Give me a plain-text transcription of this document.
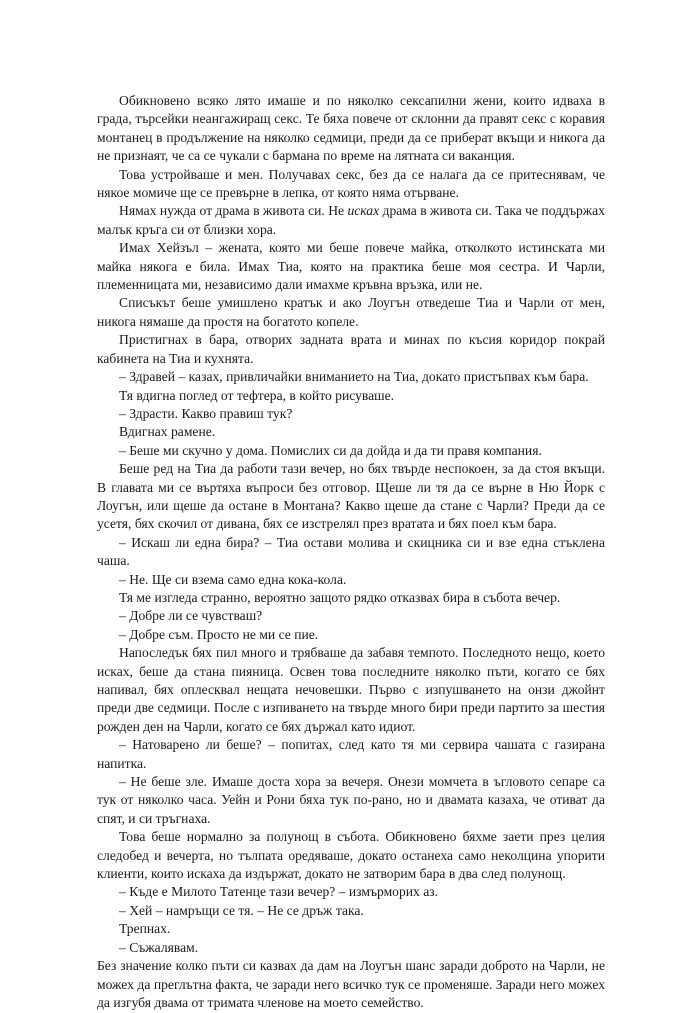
Обикновено всяко лято имаше и по няколко сексапилни жени, които идваха в града, търсейки неангажиращ секс. Те бяха повече от склонни да правят секс с коравия монтанец в продължение на няколко седмици, преди да се приберат вкъщи и никога да не признаят, че са се чукали с бармана по време на лятната си ваканция.

Това устройваше и мен. Получавах секс, без да се налага да се притеснявам, че някое момиче ще се превърне в лепка, от която няма отърване.

Нямах нужда от драма в живота си. Не исках драма в живота си. Така че поддържах малък кръга си от близки хора.

Имах Хейзъл – жената, която ми беше повече майка, отколкото истинската ми майка някога е била. Имах Тиа, която на практика беше моя сестра. И Чарли, племенницата ми, независимо дали имахме кръвна връзка, или не.

Списъкът беше умишлено кратък и ако Лоугън отведеше Тиа и Чарли от мен, никога нямаше да простя на богатото копеле.

Пристигнах в бара, отворих задната врата и минах по късия коридор покрай кабинета на Тиа и кухнята.

– Здравей – казах, привличайки вниманието на Тиа, докато пристъпвах към бара.

Тя вдигна поглед от тефтера, в който рисуваше.

– Здрасти. Какво правиш тук?

Вдигнах рамене.

– Беше ми скучно у дома. Помислих си да дойда и да ти правя компания.

Беше ред на Тиа да работи тази вечер, но бях твърде неспокоен, за да стоя вкъщи. В главата ми се въртяха въпроси без отговор. Щеше ли тя да се върне в Ню Йорк с Лоугън, или щеше да остане в Монтана? Какво щеше да стане с Чарли? Преди да се усетя, бях скочил от дивана, бях се изстрелял през вратата и бях поел към бара.

– Искаш ли една бира? – Тиа остави молива и скицника си и взе една стъклена чаша.

– Не. Ще си взема само една кока-кола.

Тя ме изгледа странно, вероятно защото рядко отказвах бира в събота вечер.

– Добре ли се чувстваш?

– Добре съм. Просто не ми се пие.

Напоследък бях пил много и трябваше да забавя темпото. Последното нещо, което исках, беше да стана пияница. Освен това последните няколко пъти, когато се бях напивал, бях оплесквал нещата нечовешки. Първо с изпушването на онзи джойнт преди две седмици. После с изпиването на твърде много бири преди партито за шестия рожден ден на Чарли, когато се бях държал като идиот.

– Натоварено ли беше? – попитах, след като тя ми сервира чашата с газирана напитка.

– Не беше зле. Имаше доста хора за вечеря. Онези момчета в ъгловото сепаре са тук от няколко часа. Уейн и Рони бяха тук по-рано, но и двамата казаха, че отиват да спят, и си тръгнаха.

Това беше нормално за полунощ в събота. Обикновено бяхме заети през целия следобед и вечерта, но тълпата оредяваше, докато останеха само неколцина упорити клиенти, които искаха да издържат, докато не затворим бара в два след полунощ.

– Къде е Милото Татенце тази вечер? – измърморих аз.

– Хей – намръщи се тя. – Не се дръж така.

Трепнах.

– Съжалявам.

Без значение колко пъти си казвах да дам на Лоугън шанс заради доброто на Чарли, не можех да преглътна факта, че заради него всичко тук се променяше. Заради него можех да изгубя двама от тримата членове на моето семейство.
